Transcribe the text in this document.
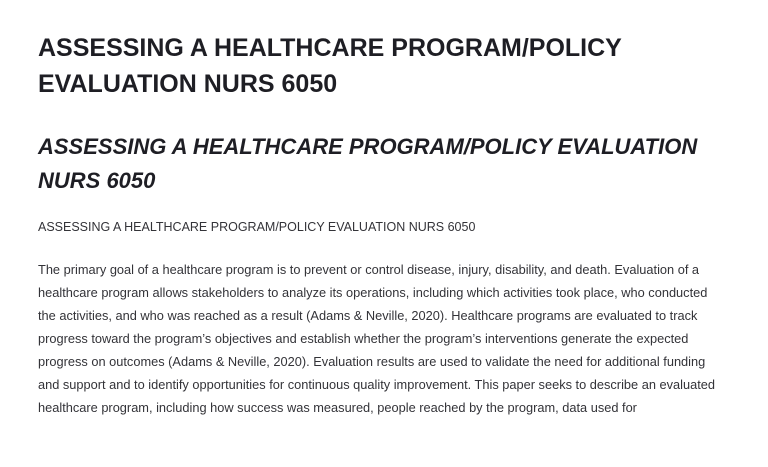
ASSESSING A HEALTHCARE PROGRAM/POLICY EVALUATION NURS 6050
ASSESSING A HEALTHCARE PROGRAM/POLICY EVALUATION NURS 6050

ASSESSING A HEALTHCARE PROGRAM/POLICY EVALUATION NURS 6050

The primary goal of a healthcare program is to prevent or control disease, injury, disability, and death. Evaluation of a healthcare program allows stakeholders to analyze its operations, including which activities took place, who conducted the activities, and who was reached as a result (Adams & Neville, 2020). Healthcare programs are evaluated to track progress toward the program’s objectives and establish whether the program’s interventions generate the expected progress on outcomes (Adams & Neville, 2020). Evaluation results are used to validate the need for additional funding and support and to identify opportunities for continuous quality improvement. This paper seeks to describe an evaluated healthcare program, including how success was measured, people reached by the program, data used for
